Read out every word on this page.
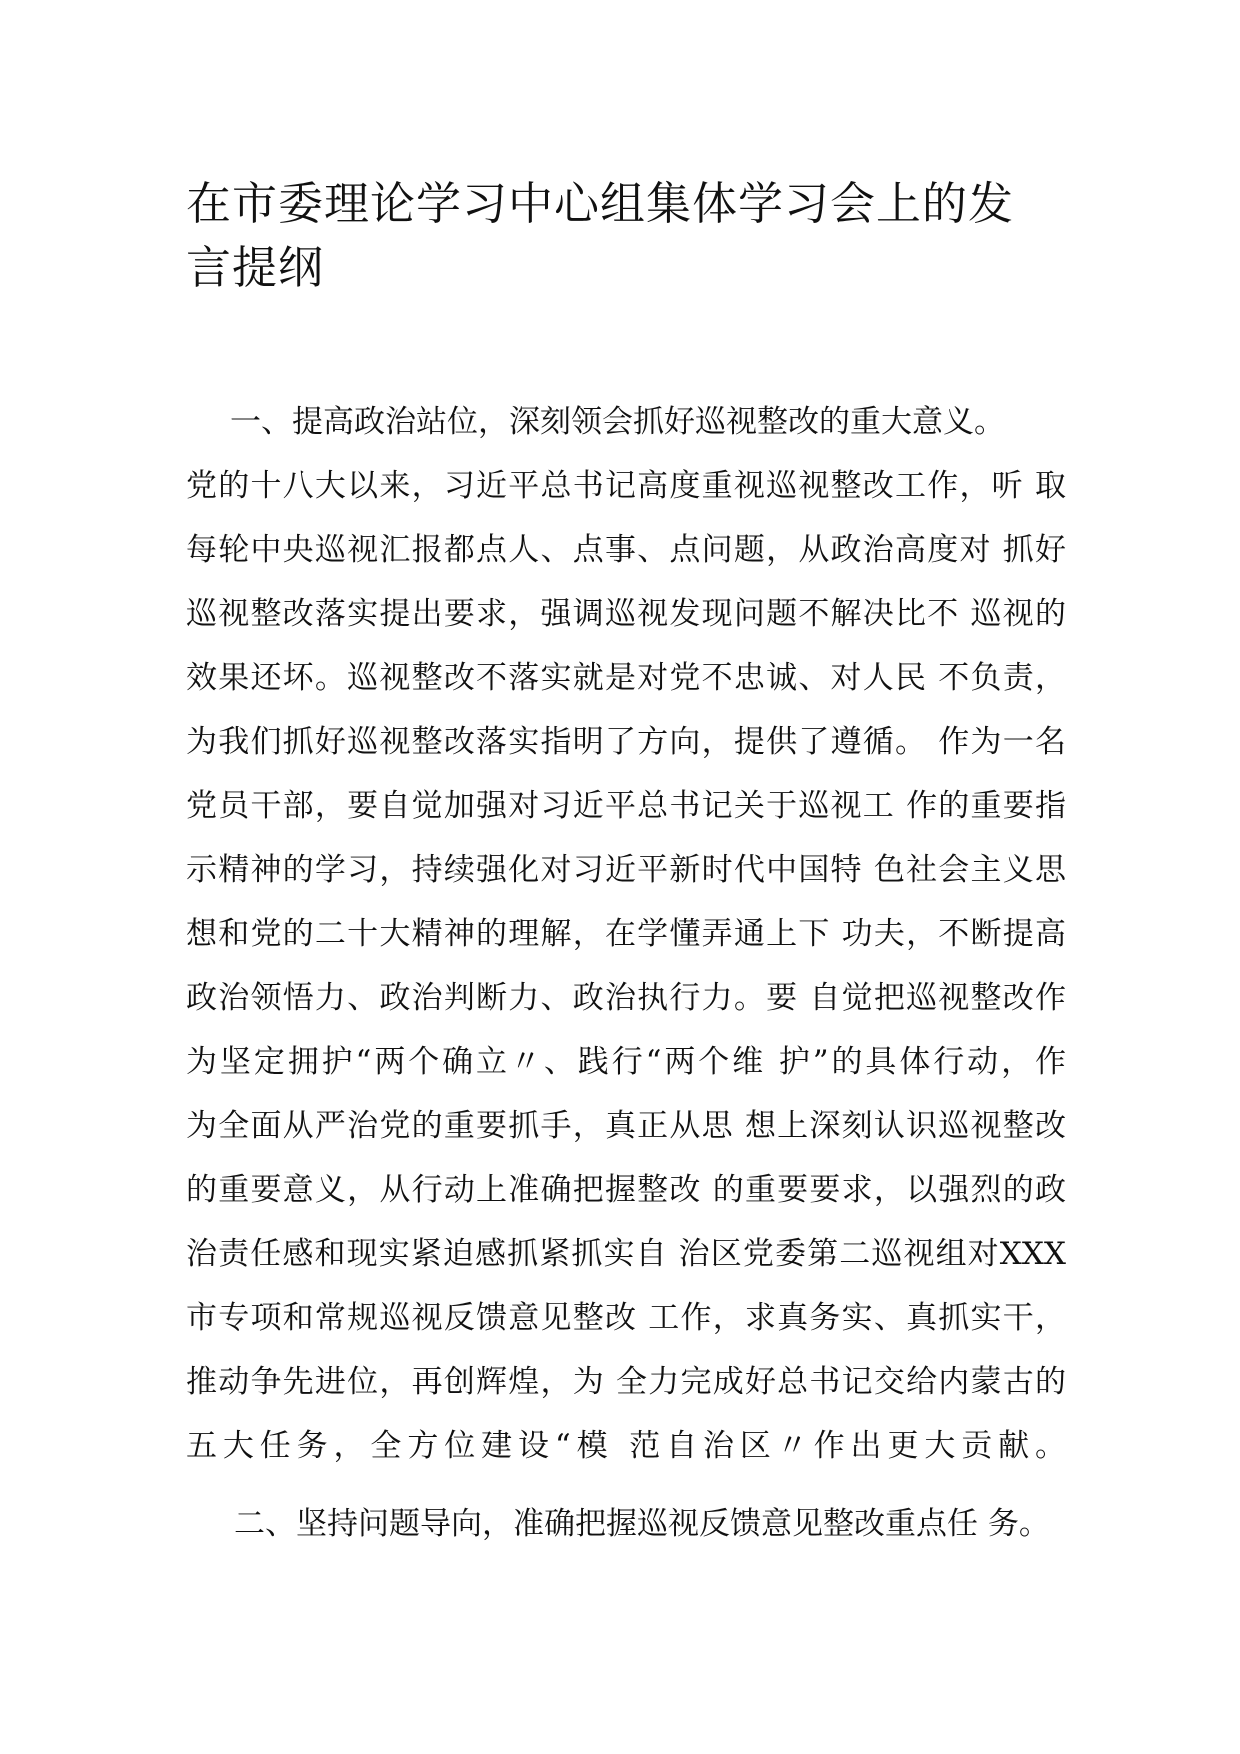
在市委理论学习中心组集体学习会上的发
言提纲
一、提高政治站位，深刻领会抓好巡视整改的重大意义。
党的十八大以来，习近平总书记高度重视巡视整改工作，听 取
每轮中央巡视汇报都点人、点事、点问题，从政治高度对 抓好
巡视整改落实提出要求，强调巡视发现问题不解决比不 巡视的
效果还坏。巡视整改不落实就是对党不忠诚、对人民 不负责，
为我们抓好巡视整改落实指明了方向，提供了遵循。 作为一名
党员干部，要自觉加强对习近平总书记关于巡视工 作的重要指
示精神的学习，持续强化对习近平新时代中国特 色社会主义思
想和党的二十大精神的理解，在学懂弄通上下 功夫，不断提高
政治领悟力、政治判断力、政治执行力。要 自觉把巡视整改作
为坚定拥护“两个确立〃、践行“两个维 护”的具体行动，作
为全面从严治党的重要抓手，真正从思 想上深刻认识巡视整改
的重要意义，从行动上准确把握整改 的重要要求，以强烈的政
治责任感和现实紧迫感抓紧抓实自 治区党委第二巡视组对XXX
市专项和常规巡视反馈意见整改 工作，求真务实、真抓实干，
推动争先进位，再创辉煌，为 全力完成好总书记交给内蒙古的
五大任务，全方位建设“模 范自治区〃作出更大贡献。
二、坚持问题导向，准确把握巡视反馈意见整改重点任 务。
